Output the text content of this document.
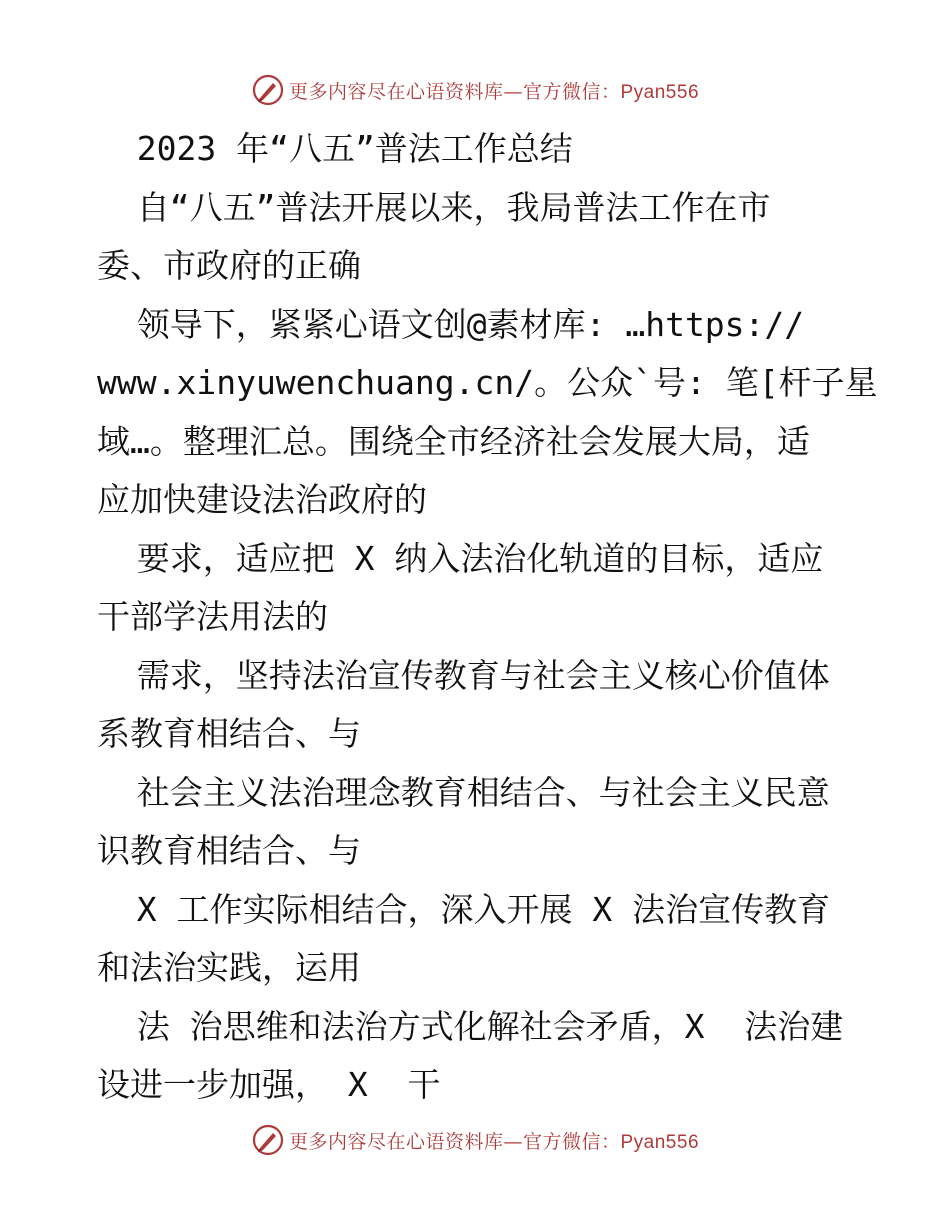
更多内容尽在心语资料库—官方微信：Pyan556
2023 年“八五”普法工作总结
自“八五”普法开展以来，我局普法工作在市
委、市政府的正确
领导下，紧紧心语文创@素材库: …https://
www.xinyuwenchuang.cn/。公众`号: 笔[杆子星
域…。整理汇总。围绕全市经济社会发展大局，适
应加快建设法治政府的
要求，适应把 X 纳入法治化轨道的目标，适应
干部学法用法的
需求，坚持法治宣传教育与社会主义核心价值体
系教育相结合、与
社会主义法治理念教育相结合、与社会主义民意
识教育相结合、与
X 工作实际相结合，深入开展 X 法治宣传教育
和法治实践，运用
法 治思维和法治方式化解社会矛盾，X  法治建
设进一步加强， X  干
更多内容尽在心语资料库—官方微信：Pyan556
